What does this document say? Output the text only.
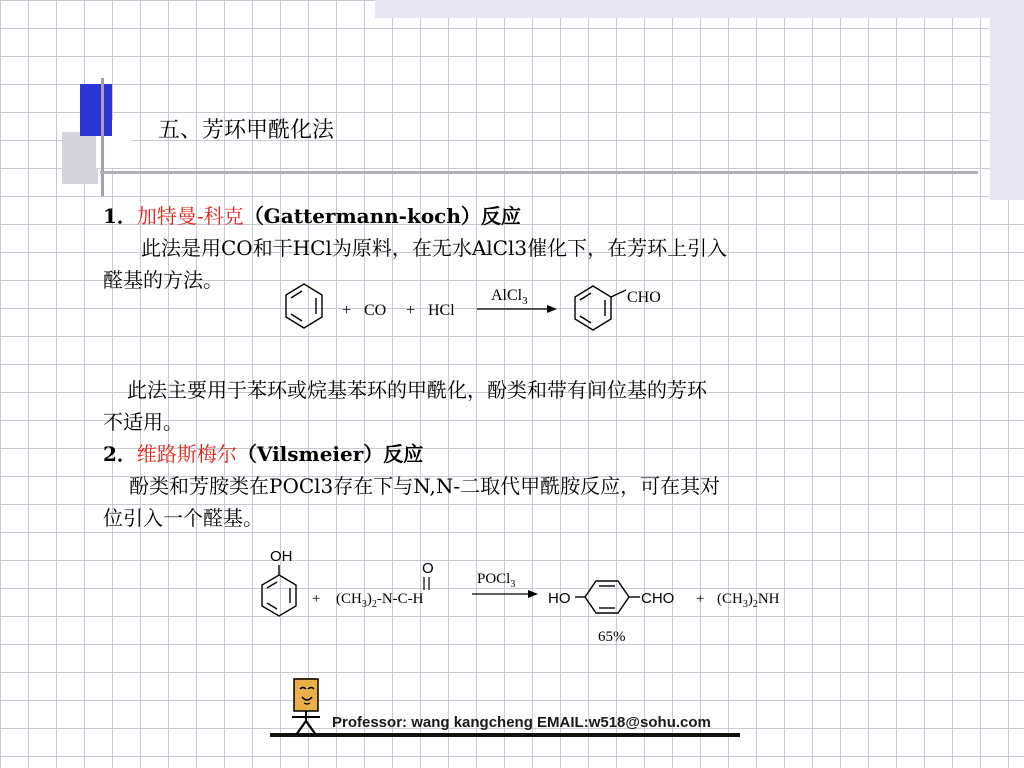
五、芳环甲酰化法
1．加特曼-科克（Gattermann-koch）反应
此法是用CO和干HCl为原料，在无水AlCl3催化下，在芳环上引入
醛基的方法。
此法主要用于苯环或烷基苯环的甲酰化，酚类和带有间位基的芳环
不适用。
2．维路斯梅尔（Vilsmeier）反应
酚类和芳胺类在POCl3存在下与N,N-二取代甲酰胺反应，可在其对
位引入一个醛基。
+ CO + HCl
AlCl$_3$	CHO
OH
+
O
$(CH_3)_2-N-C-H$
POCl$_3$
HO	CHO + $(CH_3)_2NH$
65%
Professor: wang kangcheng EMAIL:w518@sohu.com
